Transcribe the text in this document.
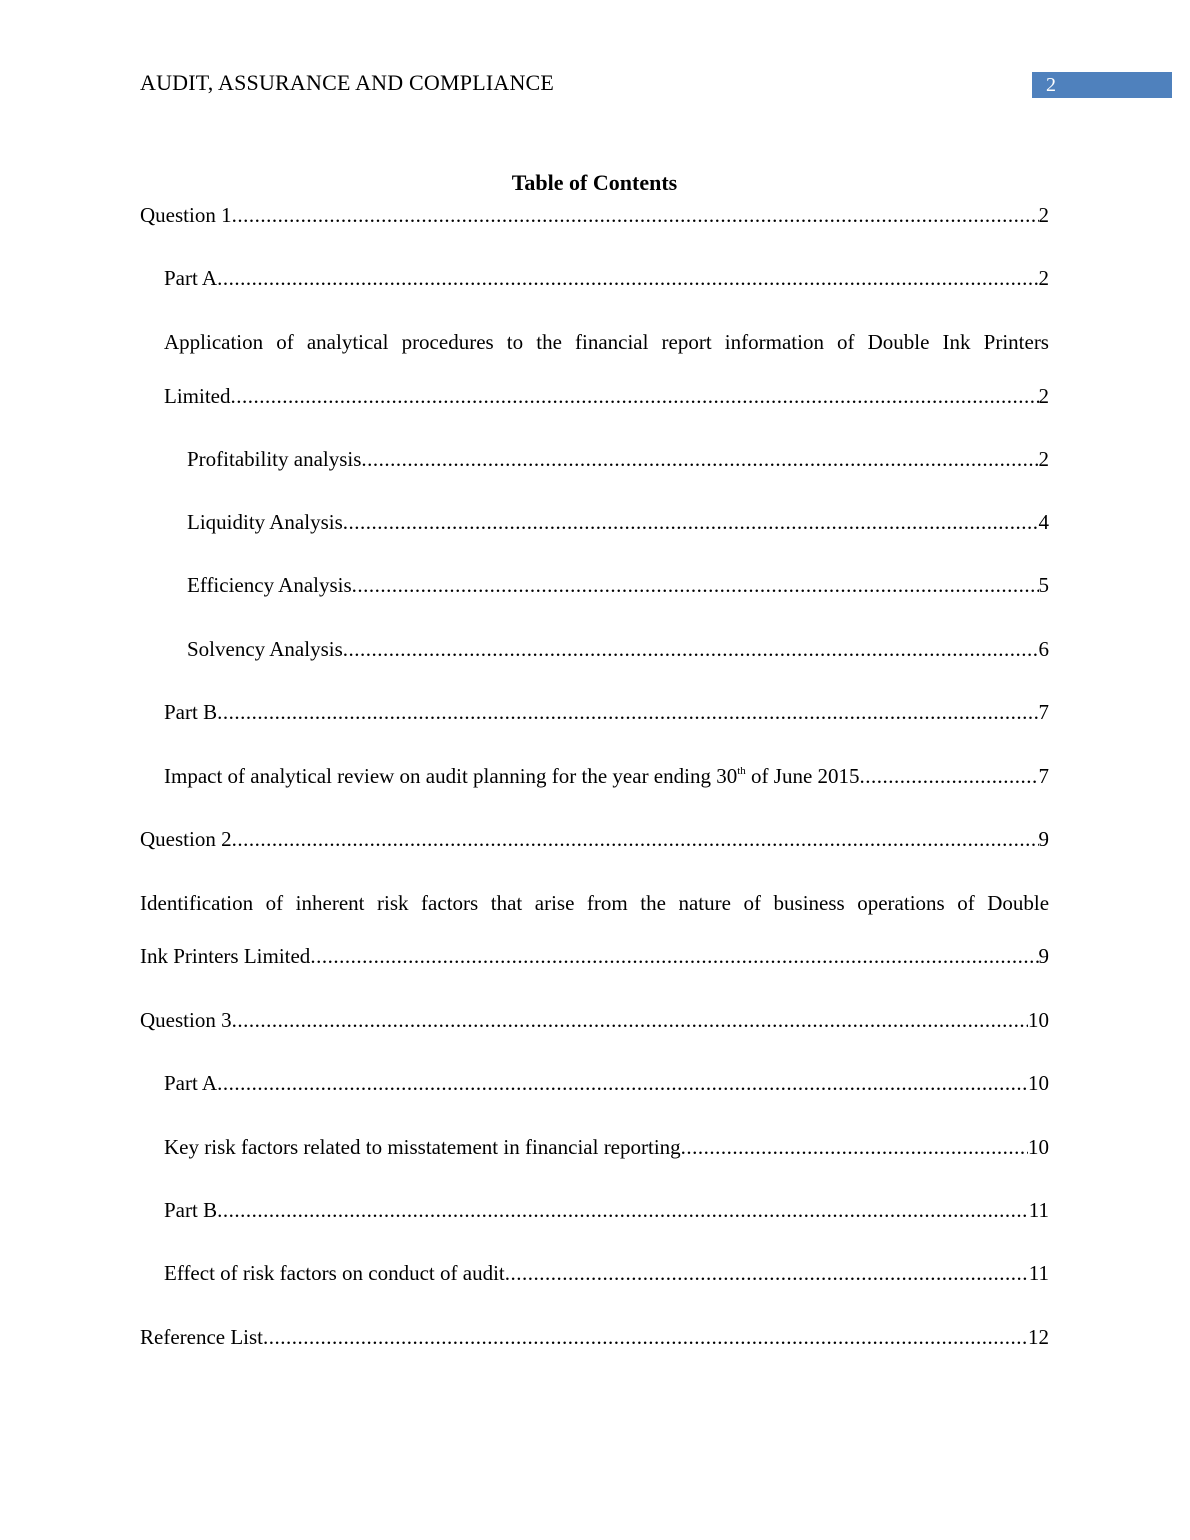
AUDIT, ASSURANCE AND COMPLIANCE	2
Table of Contents
Question 1 .....	2
Part A .....	2
Application of analytical procedures to the financial report information of Double Ink Printers
Limited .....	2
Profitability analysis .....	2
Liquidity Analysis .....	4
Efficiency Analysis .....	5
Solvency Analysis .....	6
Part B .....	7
Impact of analytical review on audit planning for the year ending 30th of June 2015 .....	7
Question 2 .....	9
Identification of inherent risk factors that arise from the nature of business operations of Double
Ink Printers Limited .....	9
Question 3 .....	10
Part A .....	10
Key risk factors related to misstatement in financial reporting .....	10
Part B .....	11
Effect of risk factors on conduct of audit .....	11
Reference List .....	12
